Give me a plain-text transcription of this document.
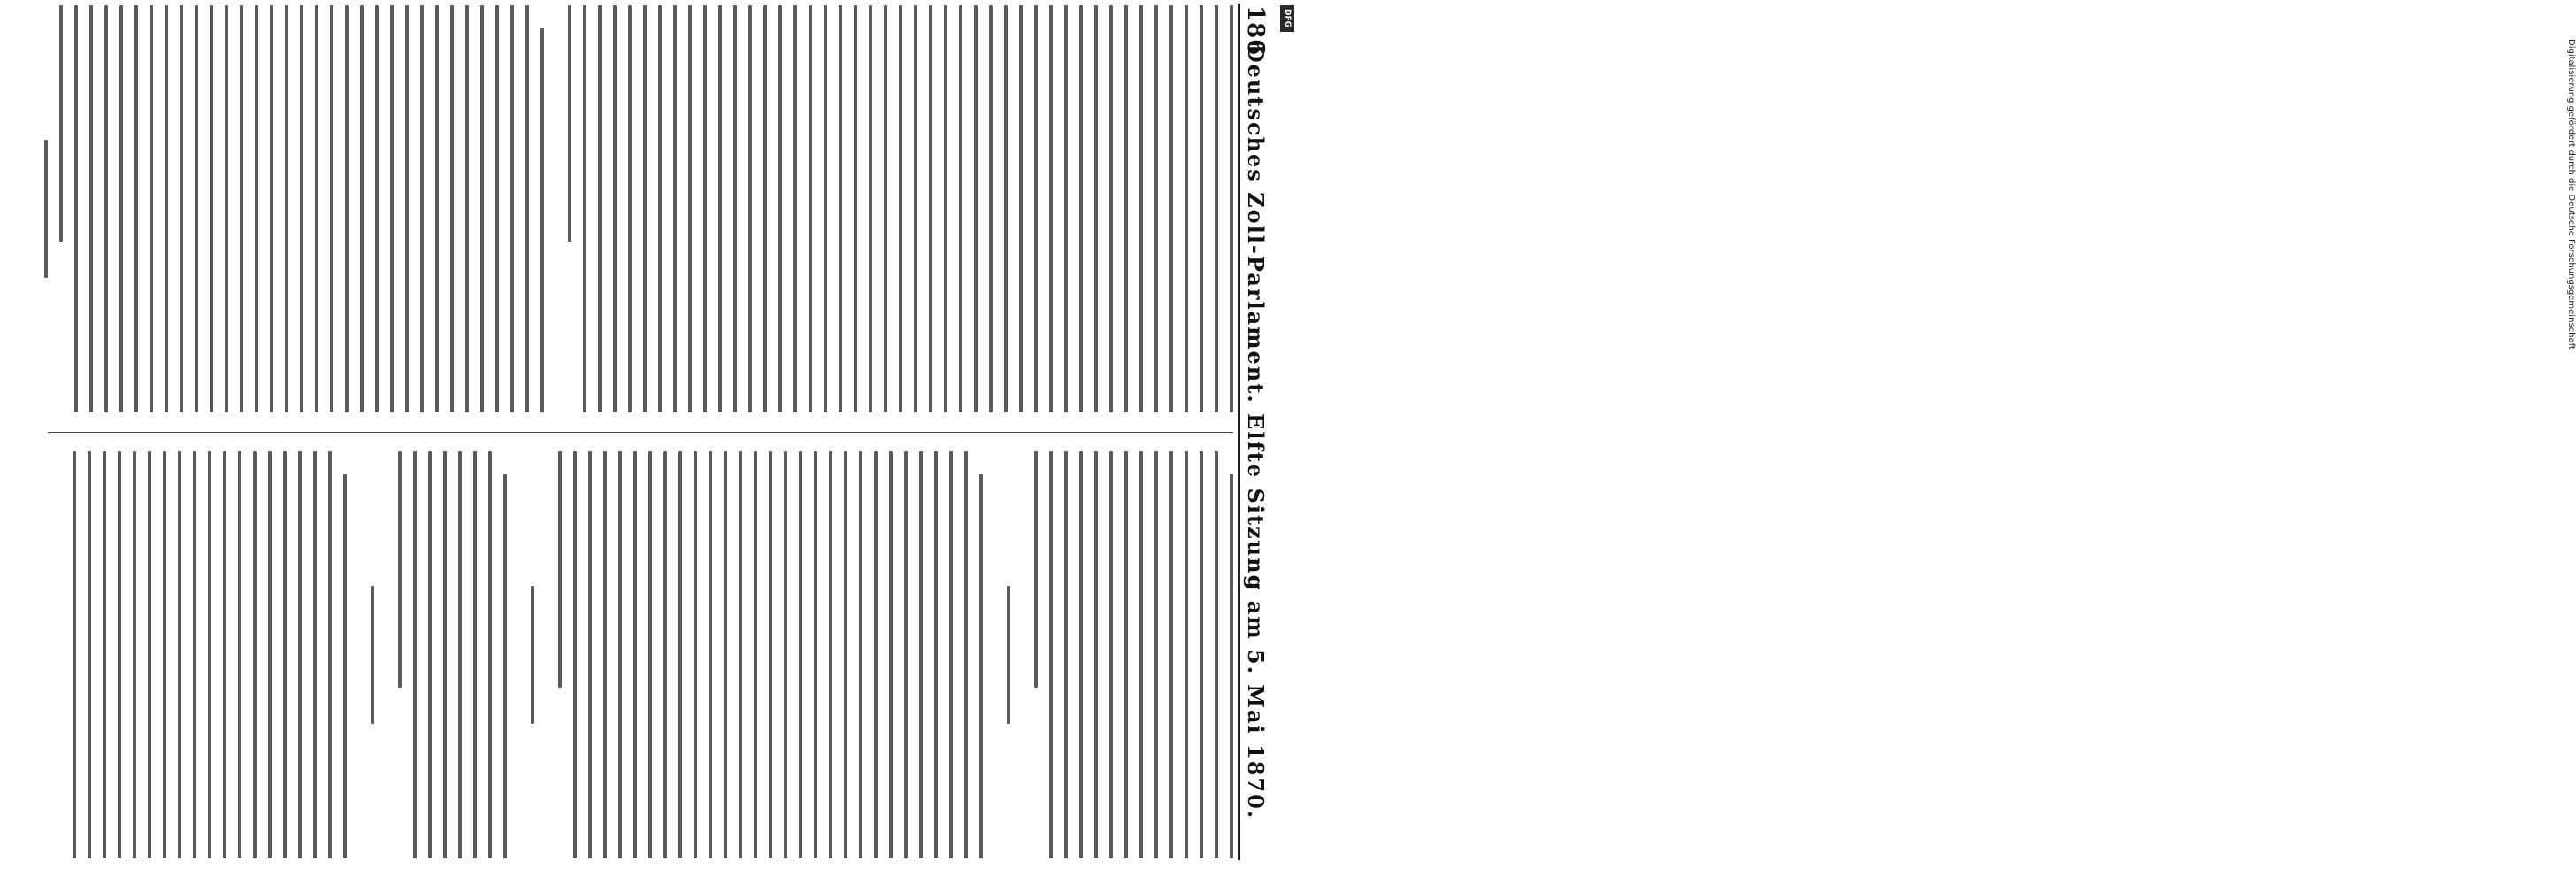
186
Deutsches Zoll-Parlament. Elfte Sitzung am 5. Mai 1870.
DFG
Digitalisierung gefördert durch die Deutsche Forschungsgemeinschaft
